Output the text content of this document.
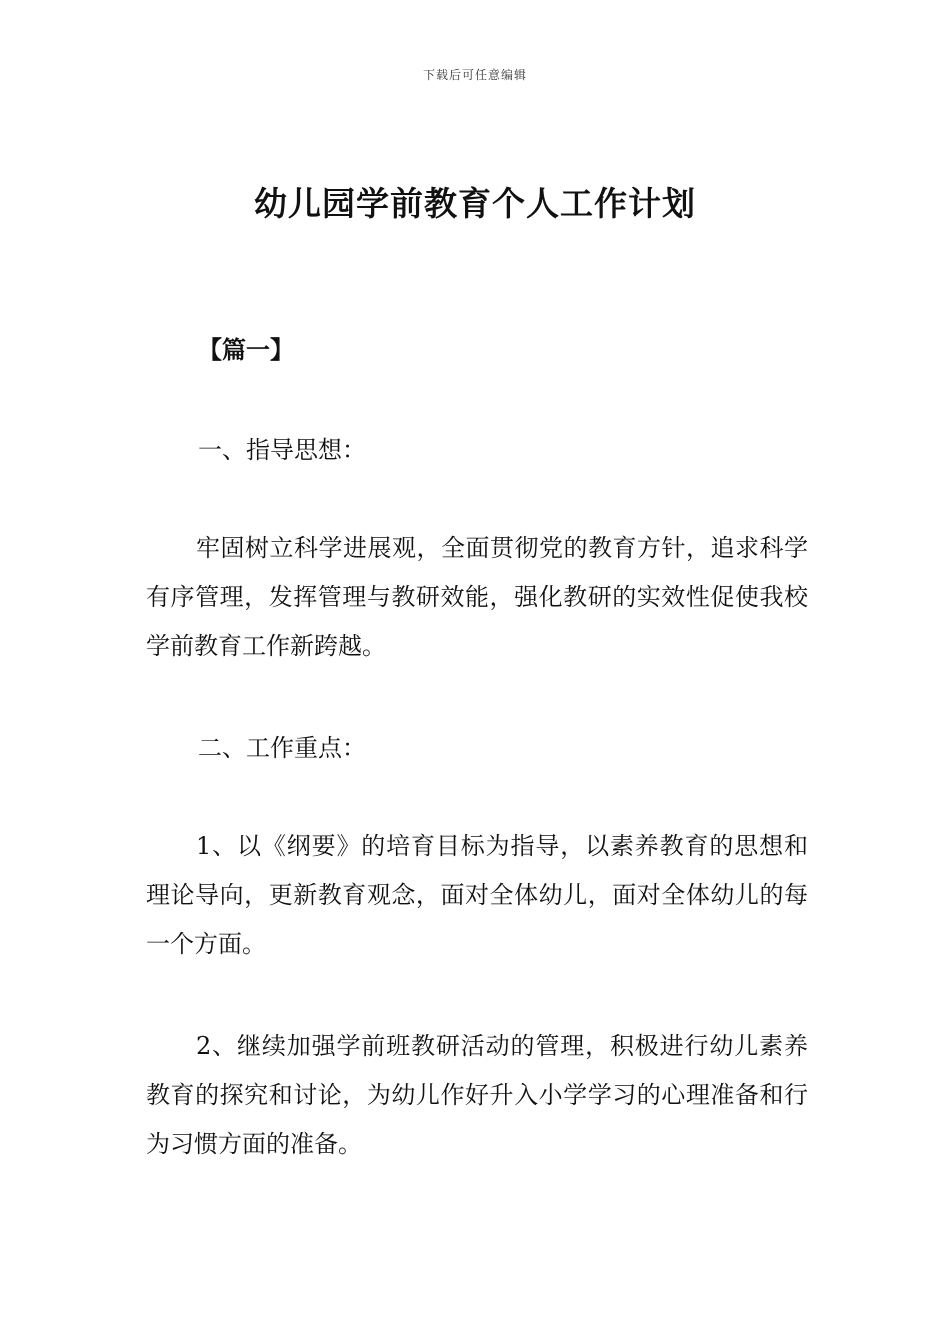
下载后可任意编辑
幼儿园学前教育个人工作计划
【篇一】
一、指导思想：
牢固树立科学进展观，全面贯彻党的教育方针，追求科学有序管理，发挥管理与教研效能，强化教研的实效性促使我校学前教育工作新跨越。
二、工作重点：
1、以《纲要》的培育目标为指导，以素养教育的思想和理论导向，更新教育观念，面对全体幼儿，面对全体幼儿的每一个方面。
2、继续加强学前班教研活动的管理，积极进行幼儿素养教育的探究和讨论，为幼儿作好升入小学学习的心理准备和行为习惯方面的准备。
